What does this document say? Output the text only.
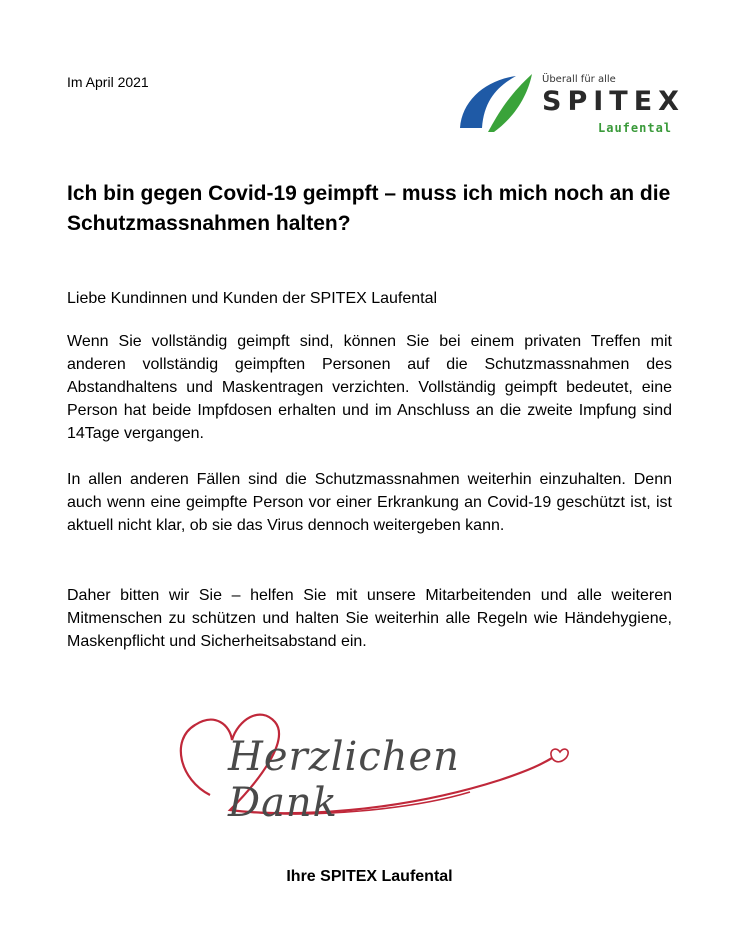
Im April 2021	Überall für alle
SPITEX
Laufental
Ich bin gegen Covid-19 geimpft – muss ich mich noch an die Schutzmassnahmen halten?

Liebe Kundinnen und Kunden der SPITEX Laufental

Wenn Sie vollständig geimpft sind, können Sie bei einem privaten Treffen mit anderen vollständig geimpften Personen auf die Schutzmassnahmen des Abstandhaltens und Maskentragen verzichten. Vollständig geimpft bedeutet, eine Person hat beide Impfdosen erhalten und im Anschluss an die zweite Impfung sind 14Tage vergangen.

In allen anderen Fällen sind die Schutzmassnahmen weiterhin einzuhalten. Denn auch wenn eine geimpfte Person vor einer Erkrankung an Covid-19 geschützt ist, ist aktuell nicht klar, ob sie das Virus dennoch weitergeben kann.

Daher bitten wir Sie – helfen Sie mit unsere Mitarbeitenden und alle weiteren Mitmenschen zu schützen und halten Sie weiterhin alle Regeln wie Händehygiene, Maskenpflicht und Sicherheitsabstand ein.

Herzlichen Dank

Ihre SPITEX Laufental
